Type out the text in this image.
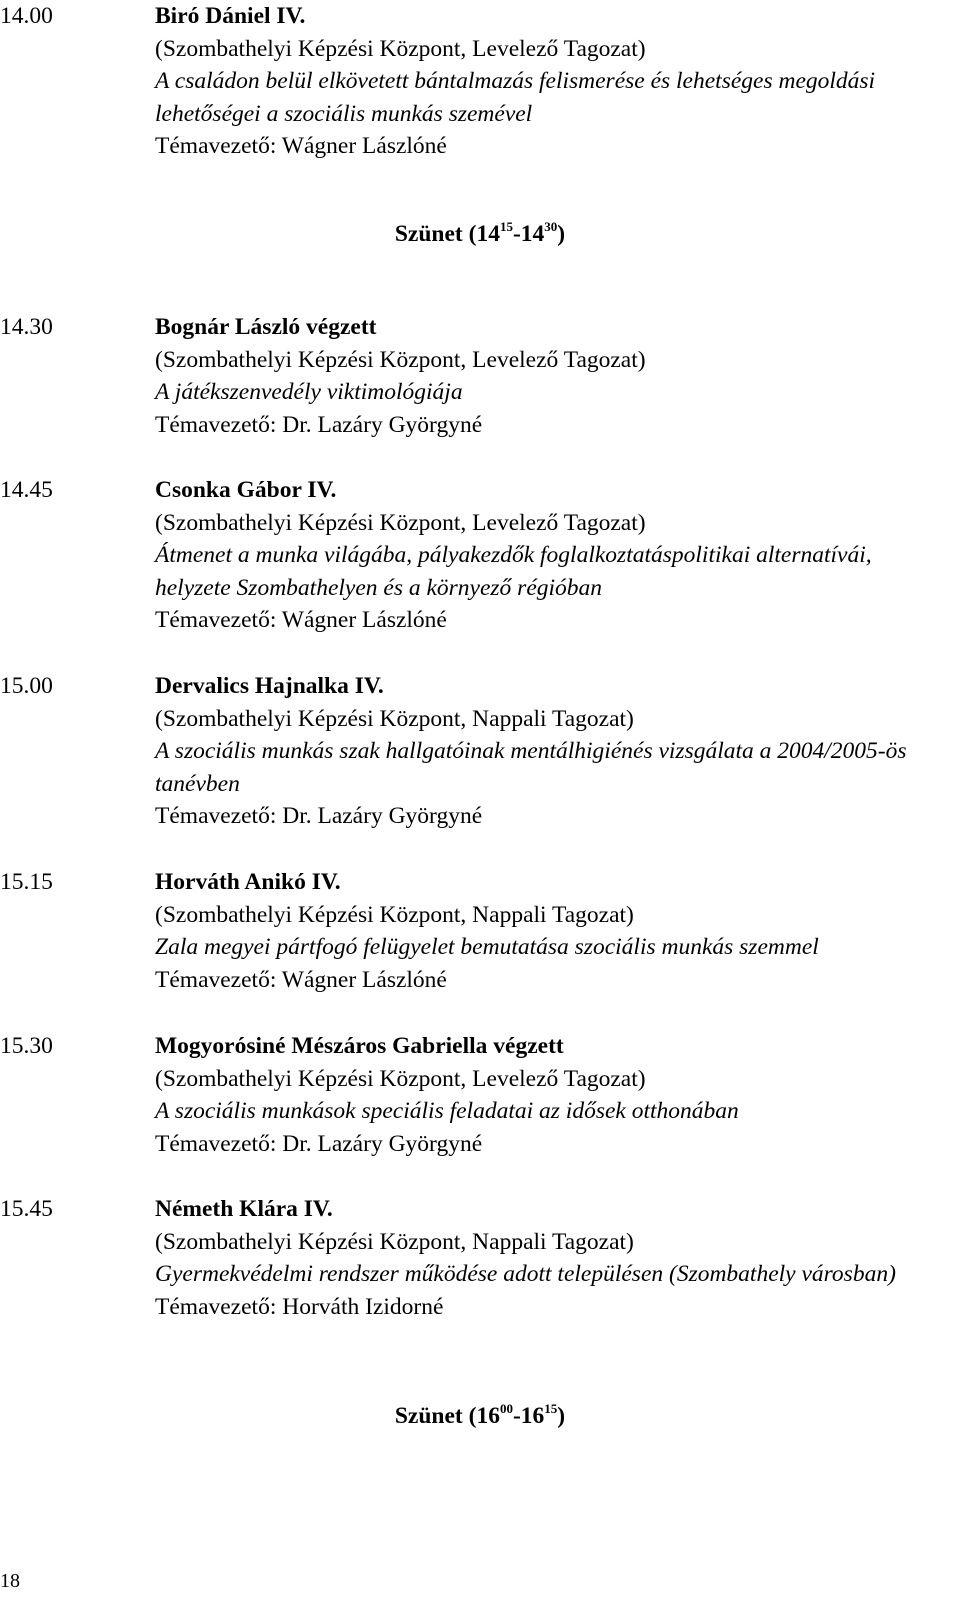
14.00	Biró Dániel IV.
(Szombathelyi Képzési Központ, Levelező Tagozat)
A családon belül elkövetett bántalmazás felismerése és lehetséges megoldási lehetőségei a szociális munkás szemével
Témavezető: Wágner Lászlóné
Szünet $(14^{15}-14^{30})$
14.30	Bognár László végzett
(Szombathelyi Képzési Központ, Levelező Tagozat)
A játékszenvedély viktimológiája
Témavezető: Dr. Lazáry Györgyné
14.45	Csonka Gábor IV.
(Szombathelyi Képzési Központ, Levelező Tagozat)
Átmenet a munka világába, pályakezdők foglalkoztatáspolitikai alternatívái, helyzete Szombathelyen és a környező régióban
Témavezető: Wágner Lászlóné
15.00	Dervalics Hajnalka IV.
(Szombathelyi Képzési Központ, Nappali Tagozat)
A szociális munkás szak hallgatóinak mentálhigiénés vizsgálata a 2004/2005-ös tanévben
Témavezető: Dr. Lazáry Györgyné
15.15	Horváth Anikó IV.
(Szombathelyi Képzési Központ, Nappali Tagozat)
Zala megyei pártfogó felügyelet bemutatása szociális munkás szemmel
Témavezető: Wágner Lászlóné
15.30	Mogyorósiné Mészáros Gabriella végzett
(Szombathelyi Képzési Központ, Levelező Tagozat)
A szociális munkások speciális feladatai az idősek otthonában
Témavezető: Dr. Lazáry Györgyné
15.45	Németh Klára IV.
(Szombathelyi Képzési Központ, Nappali Tagozat)
Gyermekvédelmi rendszer működése adott településen (Szombathely városban)
Témavezető: Horváth Izidorné
Szünet $(16^{00}-16^{15})$
18
